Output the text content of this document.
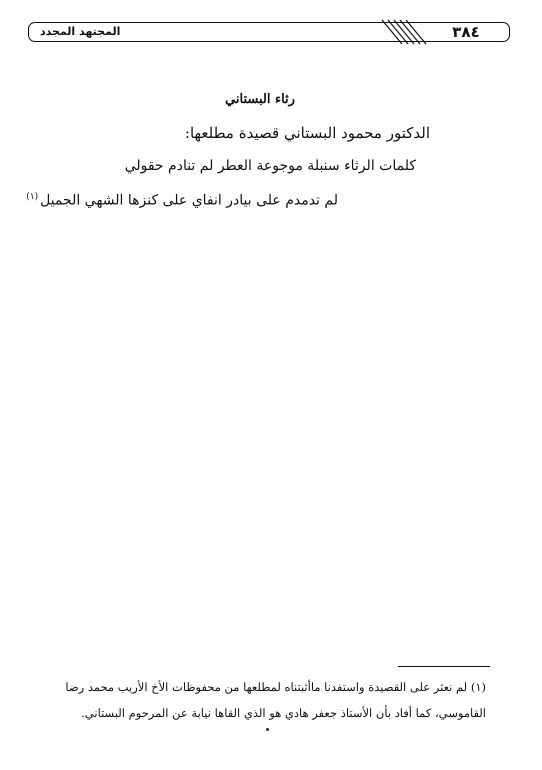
٣٨٤
المجتهد المجدد
رثاء البستاني
الدكتور محمود البستاني قصيدة مطلعها:
كلمات الرثاء سنبلة موجوعة العطر لم تنادم حقولي
لم تدمدم على بيادر انفاي على كنزها الشهي الجميل$^{(١)}$
(١) لم نعثر على القصيدة واستفدنا ماأثبتناه لمطلعها من محفوظات الأخ الأريب محمد رضا
القاموسي، كما أفاد بأن الأستاذ جعفر هادي هو الذي القاها نيابة عن المرحوم البستاني.
